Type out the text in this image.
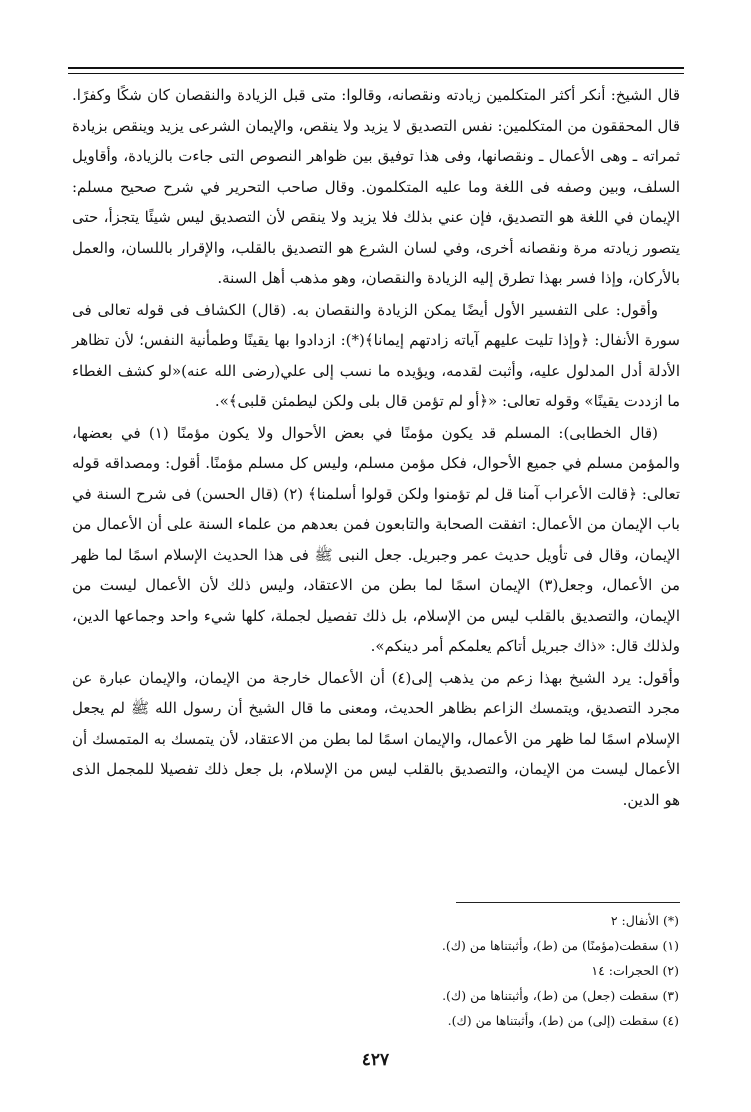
قال الشيخ: أنكر أكثر المتكلمين زيادته ونقصانه، وقالوا: متى قبل الزيادة والنقصان كان شكًا وكفرًا. قال المحققون من المتكلمين: نفس التصديق لا يزيد ولا ينقص، والإيمان الشرعى يزيد وينقص بزيادة ثمراته ـ وهى الأعمال ـ ونقصانها، وفى هذا توفيق بين ظواهر النصوص التى جاءت بالزيادة، وأقاويل السلف، وبين وصفه فى اللغة وما عليه المتكلمون. وقال صاحب التحرير في شرح صحيح مسلم: الإيمان في اللغة هو التصديق، فإن عني بذلك فلا يزيد ولا ينقص لأن التصديق ليس شيئًا يتجزأ، حتى يتصور زيادته مرة ونقصانه أخرى، وفي لسان الشرع هو التصديق بالقلب، والإقرار باللسان، والعمل بالأركان، وإذا فسر بهذا تطرق إليه الزيادة والنقصان، وهو مذهب أهل السنة.

وأقول: على التفسير الأول أيضًا يمكن الزيادة والنقصان به. (قال) الكشاف فى قوله تعالى فى سورة الأنفال: ﴿وإذا تليت عليهم آياته زادتهم إيمانا﴾(*): ازدادوا بها يقينًا وطمأنية النفس؛ لأن تظاهر الأدلة أدل المدلول عليه، وأثبت لقدمه، ويؤيده ما نسب إلى علي(رضى الله عنه)«لو كشف الغطاء ما ازددت يقينًا» وقوله تعالى: «﴿أو لم تؤمن قال بلى ولكن ليطمئن قلبى﴾».

(قال الخطابى): المسلم قد يكون مؤمنًا في بعض الأحوال ولا يكون مؤمنًا (١) في بعضها، والمؤمن مسلم في جميع الأحوال، فكل مؤمن مسلم، وليس كل مسلم مؤمنًا. أقول: ومصداقه قوله تعالى: ﴿قالت الأعراب آمنا قل لم تؤمنوا ولكن قولوا أسلمنا﴾ (٢) (قال الحسن) فى شرح السنة في باب الإيمان من الأعمال: اتفقت الصحابة والتابعون فمن بعدهم من علماء السنة على أن الأعمال من الإيمان، وقال فى تأويل حديث عمر وجبريل. جعل النبى ﷺ فى هذا الحديث الإسلام اسمًا لما ظهر من الأعمال، وجعل(٣) الإيمان اسمًا لما بطن من الاعتقاد، وليس ذلك لأن الأعمال ليست من الإيمان، والتصديق بالقلب ليس من الإسلام، بل ذلك تفصيل لجملة، كلها شيء واحد وجماعها الدين، ولذلك قال: «ذاك جبريل أتاكم يعلمكم أمر دينكم».

وأقول: يرد الشيخ بهذا زعم من يذهب إلى(٤) أن الأعمال خارجة من الإيمان، والإيمان عبارة عن مجرد التصديق، ويتمسك الزاعم بظاهر الحديث، ومعنى ما قال الشيخ أن رسول الله ﷺ لم يجعل الإسلام اسمًا لما ظهر من الأعمال، والإيمان اسمًا لما بطن من الاعتقاد، لأن يتمسك به المتمسك أن الأعمال ليست من الإيمان، والتصديق بالقلب ليس من الإسلام، بل جعل ذلك تفصيلا للمجمل الذى هو الدين.

(*) الأنفال: ٢
(١) سقطت(مؤمنًا) من (ط)، وأثبتناها من (ك).
(٢) الحجرات: ١٤
(٣) سقطت (جعل) من (ط)، وأثبتناها من (ك).
(٤) سقطت (إلى) من (ط)، وأثبتناها من (ك).
٤٢٧
